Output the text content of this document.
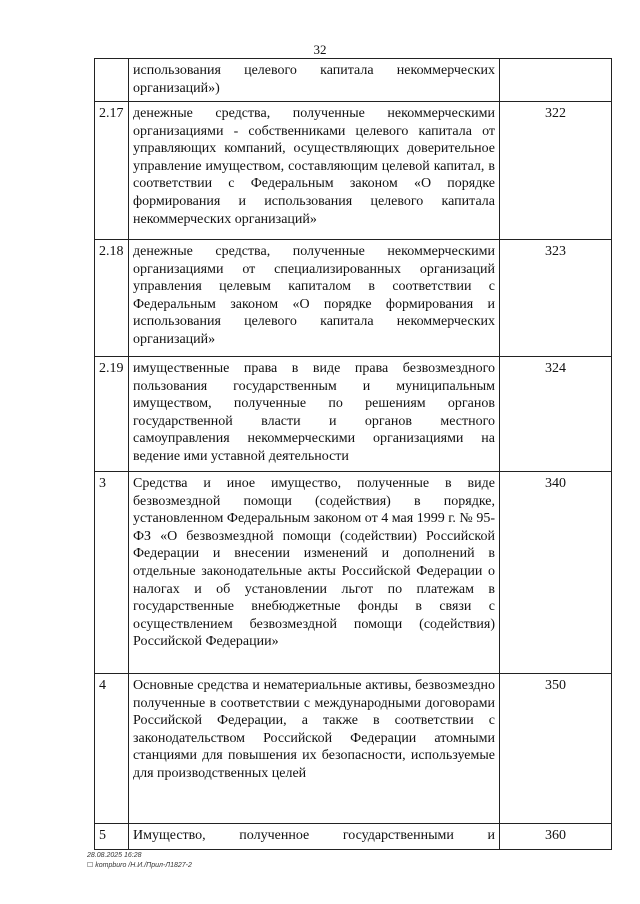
32
	использования целевого капитала некоммерческих организаций»)	
2.17	денежные средства, полученные некоммерческими организациями - собственниками целевого капитала от управляющих компаний, осуществляющих доверительное управление имуществом, составляющим целевой капитал, в соответствии с Федеральным законом «О порядке формирования и использования целевого капитала некоммерческих организаций»	322
2.18	денежные средства, полученные некоммерческими организациями от специализированных организаций управления целевым капиталом в соответствии с Федеральным законом «О порядке формирования и использования целевого капитала некоммерческих организаций»	323
2.19	имущественные права в виде права безвозмездного пользования государственным и муниципальным имуществом, полученные по решениям органов государственной власти и органов местного самоуправления некоммерческими организациями на ведение ими уставной деятельности	324
3	Средства и иное имущество, полученные в виде безвозмездной помощи (содействия) в порядке, установленном Федеральным законом от 4 мая 1999 г. № 95-ФЗ «О безвозмездной помощи (содействии) Российской Федерации и внесении изменений и дополнений в отдельные законодательные акты Российской Федерации о налогах и об установлении льгот по платежам в государственные внебюджетные фонды в связи с осуществлением безвозмездной помощи (содействия) Российской Федерации»	340
4	Основные средства и нематериальные активы, безвозмездно полученные в соответствии с международными договорами Российской Федерации, а также в соответствии с законодательством Российской Федерации атомными станциями для повышения их безопасности, используемые для производственных целей	350
5	Имущество, полученное государственными и	360
28.08.2025 16:28
☐ kompburo /Н.И./Прил-Л1827-2
